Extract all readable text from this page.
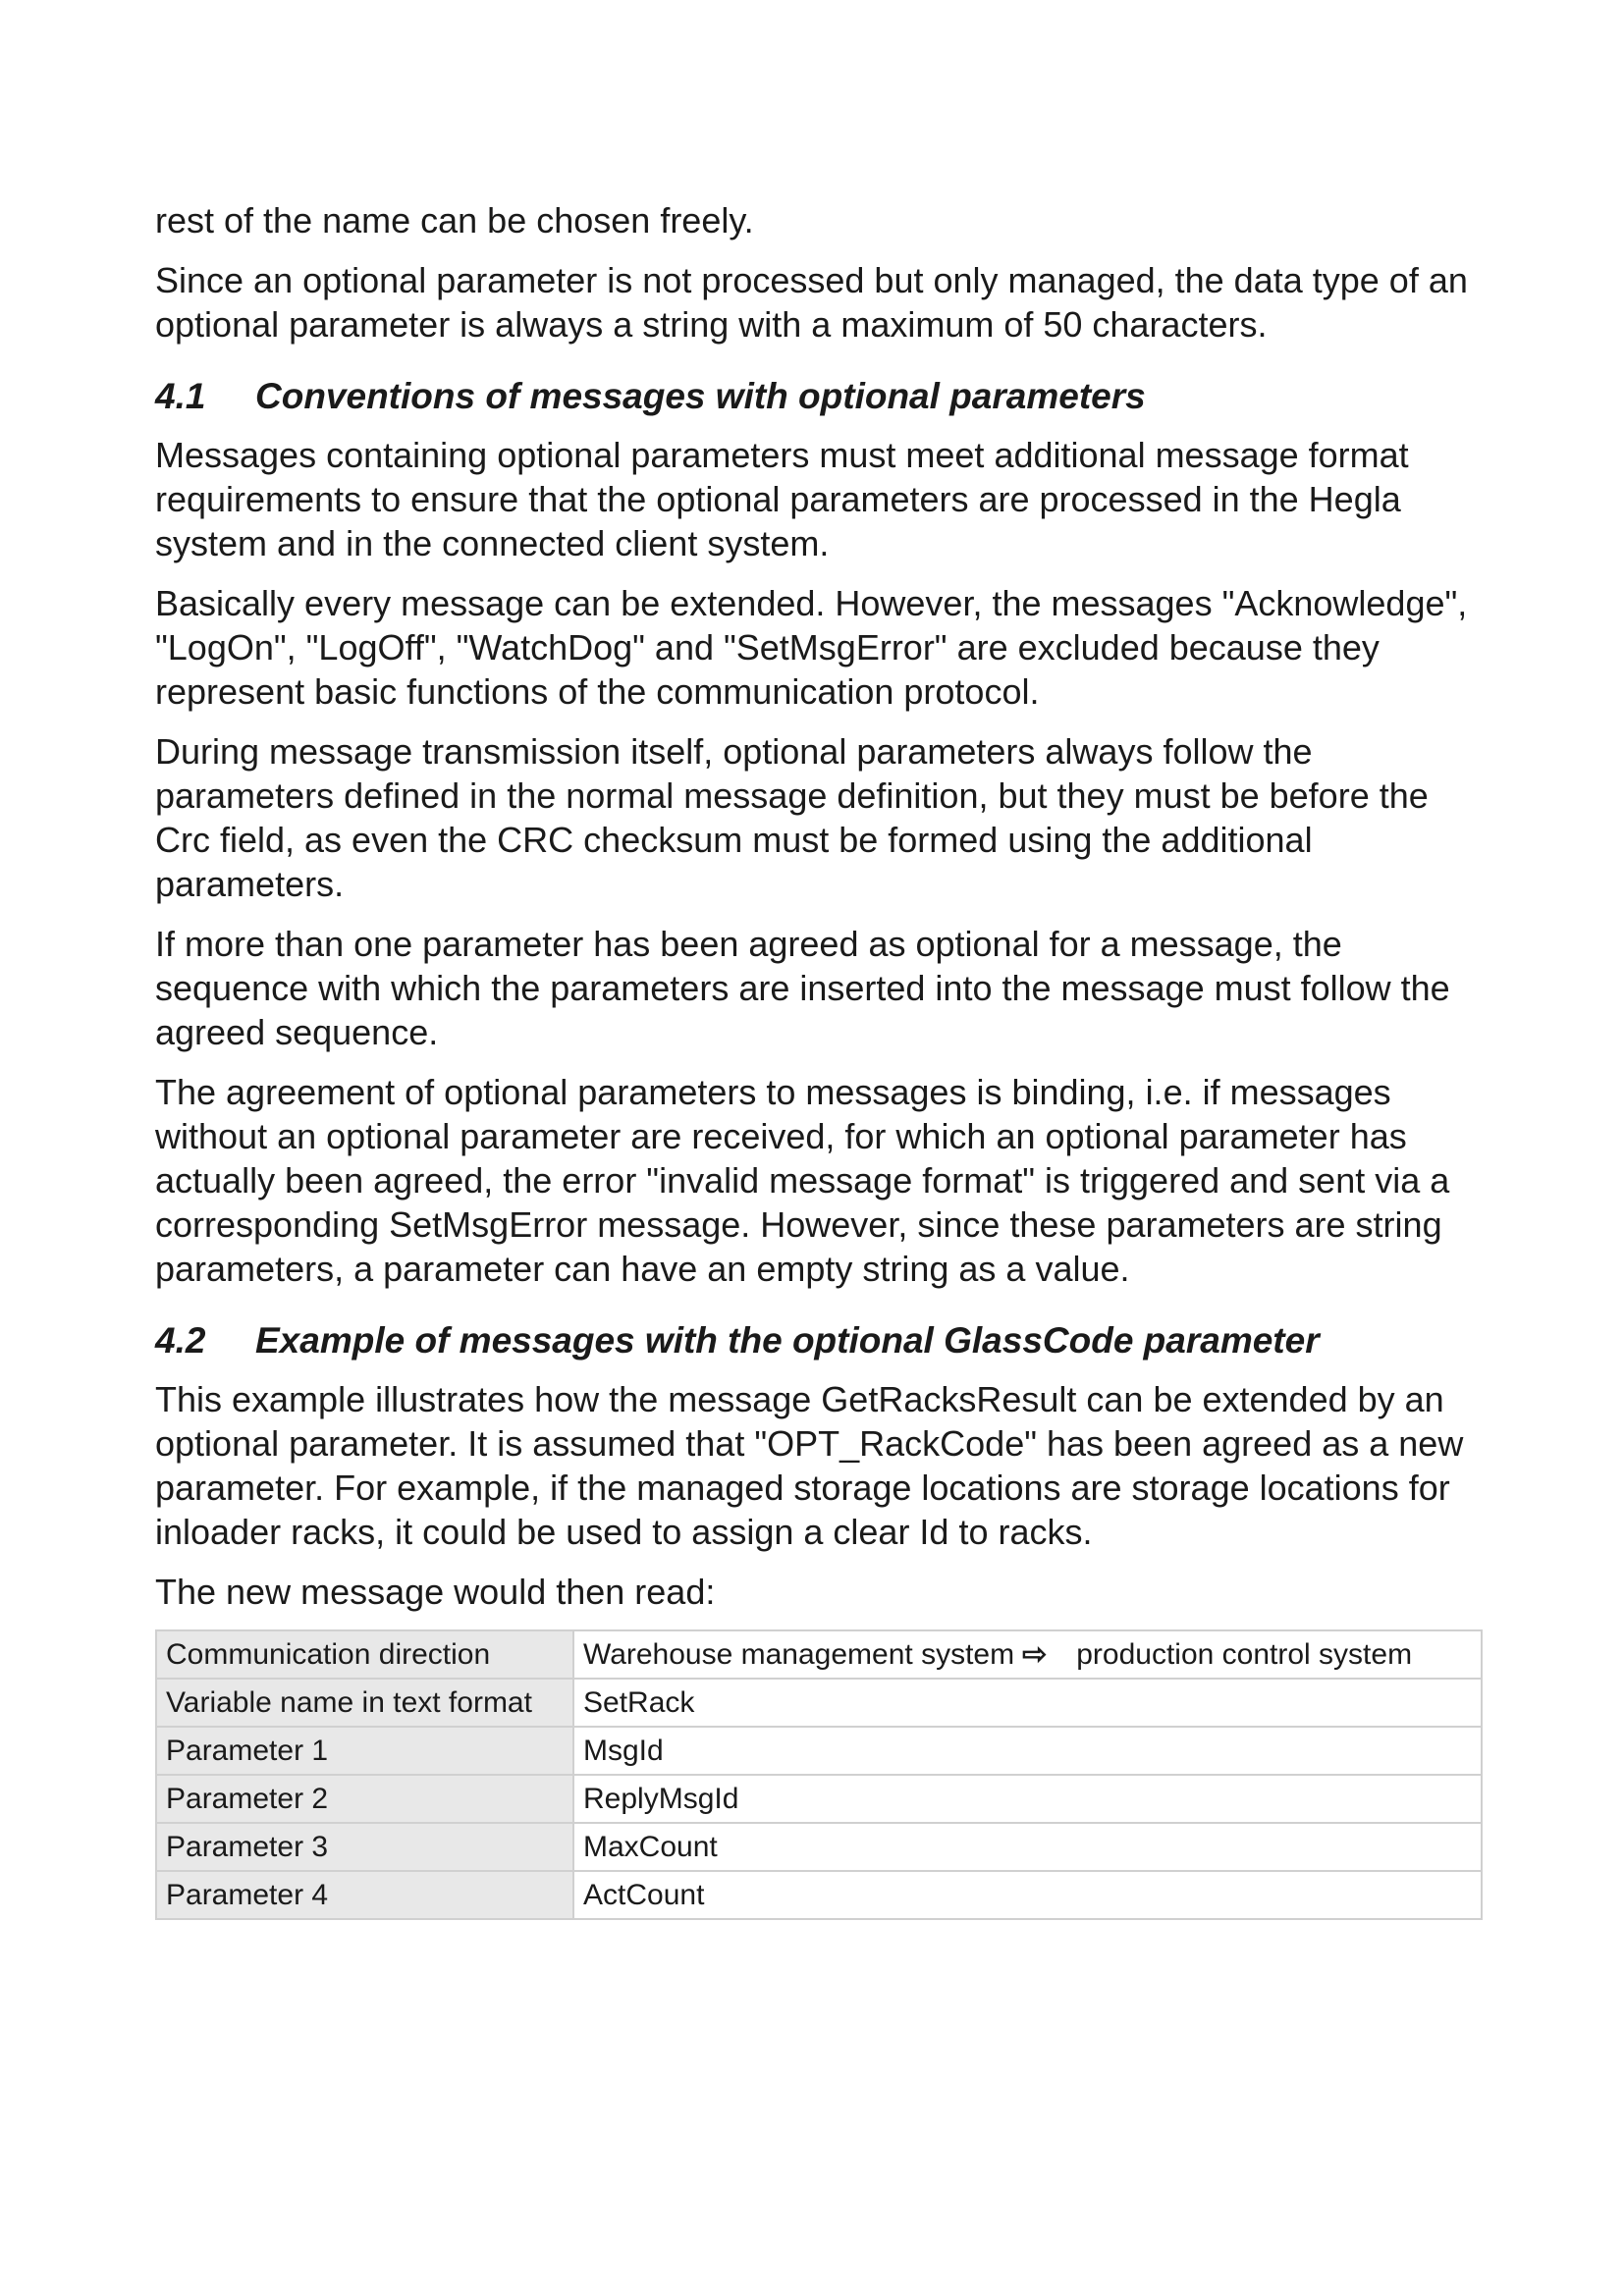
rest of the name can be chosen freely.

Since an optional parameter is not processed but only managed, the data type of an optional parameter is always a string with a maximum of 50 characters.

4.1 Conventions of messages with optional parameters

Messages containing optional parameters must meet additional message format requirements to ensure that the optional parameters are processed in the Hegla system and in the connected client system.

Basically every message can be extended. However, the messages "Acknowledge", "LogOn", "LogOff", "WatchDog" and "SetMsgError" are excluded because they represent basic functions of the communication protocol.

During message transmission itself, optional parameters always follow the parameters defined in the normal message definition, but they must be before the Crc field, as even the CRC checksum must be formed using the additional parameters.

If more than one parameter has been agreed as optional for a message, the sequence with which the parameters are inserted into the message must follow the agreed sequence.

The agreement of optional parameters to messages is binding, i.e. if messages without an optional parameter are received, for which an optional parameter has actually been agreed, the error "invalid message format" is triggered and sent via a corresponding SetMsgError message. However, since these parameters are string parameters, a parameter can have an empty string as a value.

4.2 Example of messages with the optional GlassCode parameter

This example illustrates how the message GetRacksResult can be extended by an optional parameter. It is assumed that "OPT_RackCode" has been agreed as a new parameter. For example, if the managed storage locations are storage locations for inloader racks, it could be used to assign a clear Id to racks.

The new message would then read:

Communication direction	Warehouse management system ⇨ production control system
Variable name in text format	SetRack
Parameter 1	MsgId
Parameter 2	ReplyMsgId
Parameter 3	MaxCount
Parameter 4	ActCount
